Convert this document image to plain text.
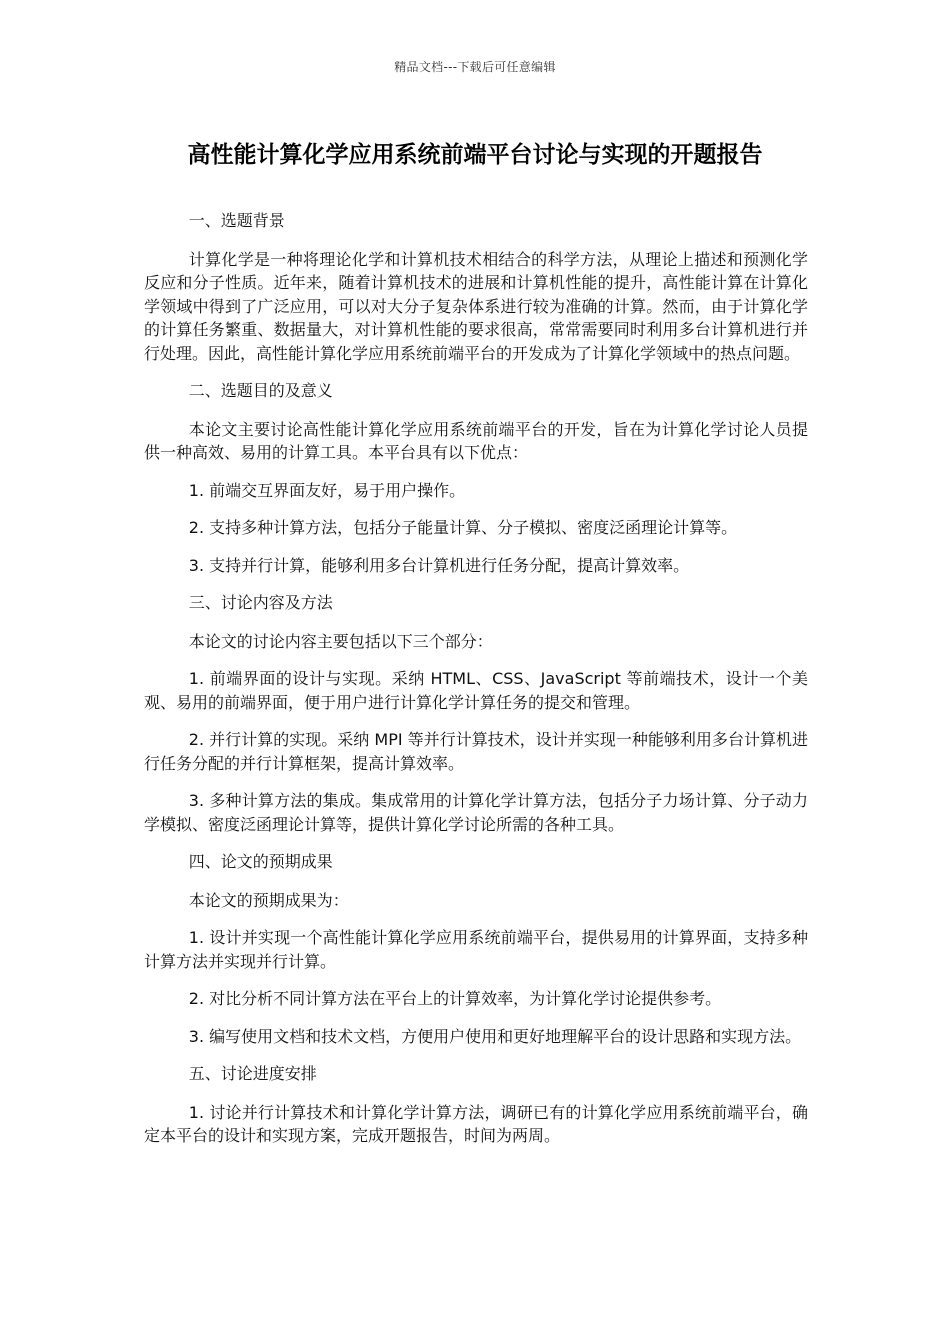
精品文档---下载后可任意编辑
高性能计算化学应用系统前端平台讨论与实现的开题报告

一、选题背景

计算化学是一种将理论化学和计算机技术相结合的科学方法，从理论上描述和预测化学反应和分子性质。近年来，随着计算机技术的进展和计算机性能的提升，高性能计算在计算化学领域中得到了广泛应用，可以对大分子复杂体系进行较为准确的计算。然而，由于计算化学的计算任务繁重、数据量大，对计算机性能的要求很高，常常需要同时利用多台计算机进行并行处理。因此，高性能计算化学应用系统前端平台的开发成为了计算化学领域中的热点问题。

二、选题目的及意义

本论文主要讨论高性能计算化学应用系统前端平台的开发，旨在为计算化学讨论人员提供一种高效、易用的计算工具。本平台具有以下优点：

1. 前端交互界面友好，易于用户操作。

2. 支持多种计算方法，包括分子能量计算、分子模拟、密度泛函理论计算等。

3. 支持并行计算，能够利用多台计算机进行任务分配，提高计算效率。

三、讨论内容及方法

本论文的讨论内容主要包括以下三个部分：

1. 前端界面的设计与实现。采纳 HTML、CSS、JavaScript 等前端技术，设计一个美观、易用的前端界面，便于用户进行计算化学计算任务的提交和管理。

2. 并行计算的实现。采纳 MPI 等并行计算技术，设计并实现一种能够利用多台计算机进行任务分配的并行计算框架，提高计算效率。

3. 多种计算方法的集成。集成常用的计算化学计算方法，包括分子力场计算、分子动力学模拟、密度泛函理论计算等，提供计算化学讨论所需的各种工具。

四、论文的预期成果

本论文的预期成果为：

1. 设计并实现一个高性能计算化学应用系统前端平台，提供易用的计算界面，支持多种计算方法并实现并行计算。

2. 对比分析不同计算方法在平台上的计算效率，为计算化学讨论提供参考。

3. 编写使用文档和技术文档，方便用户使用和更好地理解平台的设计思路和实现方法。

五、讨论进度安排

1. 讨论并行计算技术和计算化学计算方法，调研已有的计算化学应用系统前端平台，确定本平台的设计和实现方案，完成开题报告，时间为两周。
